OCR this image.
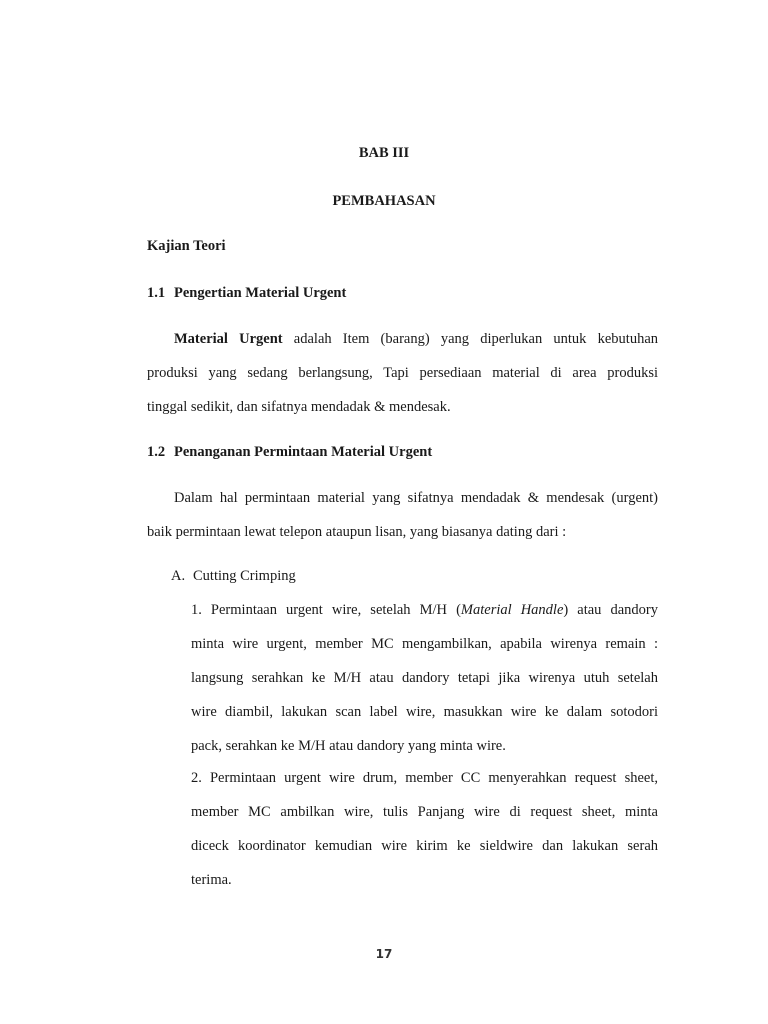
BAB III
PEMBAHASAN
Kajian Teori
1.1 Pengertian Material Urgent
Material Urgent adalah Item (barang) yang diperlukan untuk kebutuhan
produksi yang sedang berlangsung, Tapi persediaan material di area produksi
tinggal sedikit, dan sifatnya mendadak & mendesak.
1.2 Penanganan Permintaan Material Urgent
Dalam hal permintaan material yang sifatnya mendadak & mendesak (urgent)
baik permintaan lewat telepon ataupun lisan, yang biasanya dating dari :
A. Cutting Crimping
1. Permintaan urgent wire, setelah M/H (Material Handle) atau dandory
minta wire urgent, member MC mengambilkan, apabila wirenya remain :
langsung serahkan ke M/H atau dandory tetapi jika wirenya utuh setelah
wire diambil, lakukan scan label wire, masukkan wire ke dalam sotodori
pack, serahkan ke M/H atau dandory yang minta wire.
2. Permintaan urgent wire drum, member CC menyerahkan request sheet,
member MC ambilkan wire, tulis Panjang wire di request sheet, minta
diceck koordinator kemudian wire kirim ke sieldwire dan lakukan serah
terima.
17
